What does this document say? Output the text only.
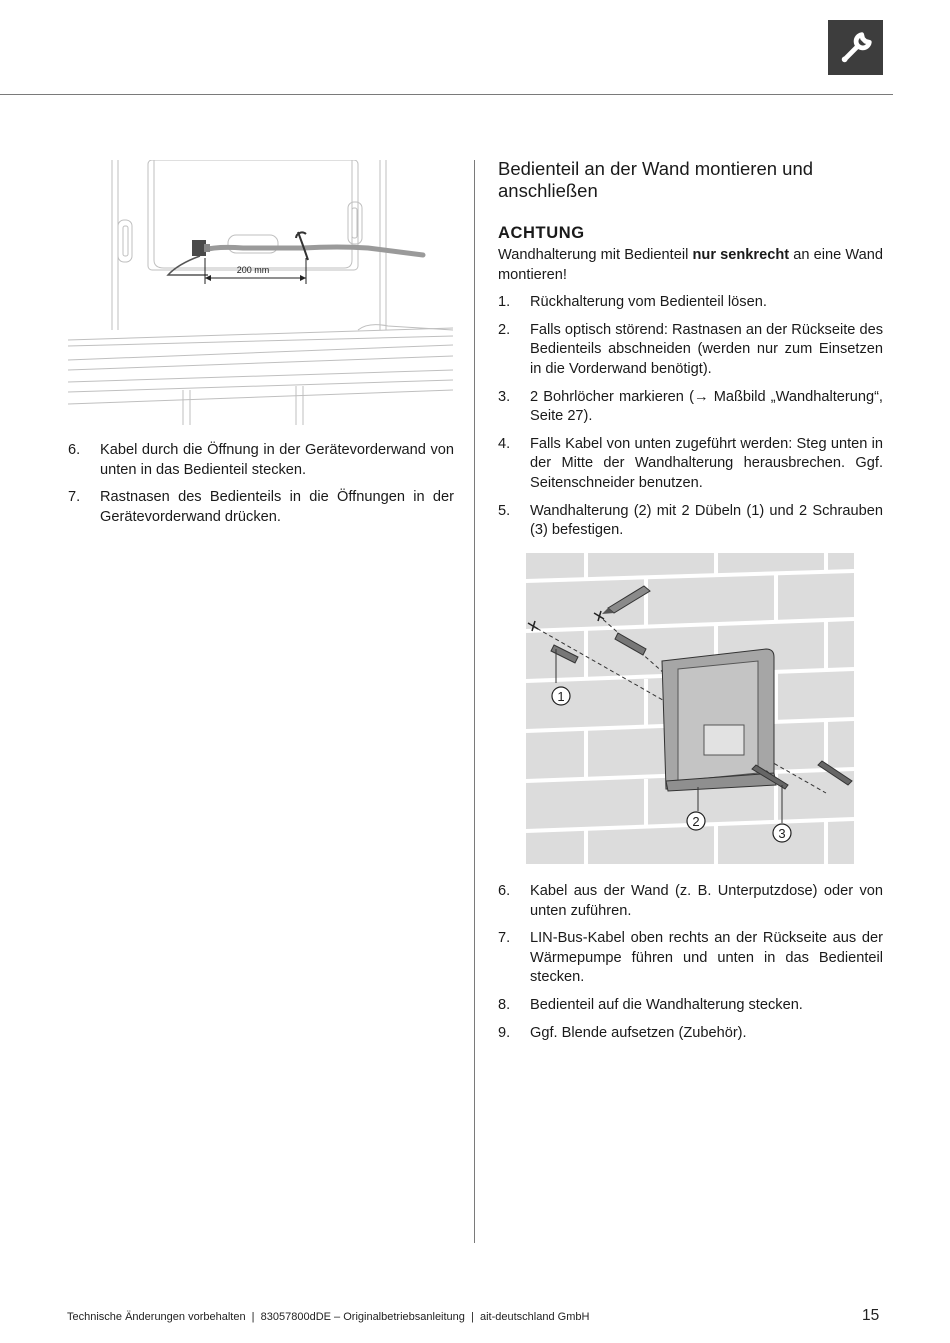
200 mm
6. Kabel durch die Öffnung in der Gerätevorderwand von unten in das Bedienteil stecken.
7. Rastnasen des Bedienteils in die Öffnungen in der Gerätevorderwand drücken.
Bedienteil an der Wand montieren und anschließen
ACHTUNG
Wandhalterung mit Bedienteil nur senkrecht an eine Wand montieren!
1. Rückhalterung vom Bedienteil lösen.
2. Falls optisch störend: Rastnasen an der Rückseite des Bedienteils abschneiden (werden nur zum Einsetzen in die Vorderwand benötigt).
3. 2 Bohrlöcher markieren (→ Maßbild „Wandhalterung“, Seite 27).
4. Falls Kabel von unten zugeführt werden: Steg unten in der Mitte der Wandhalterung herausbrechen. Ggf. Seitenschneider benutzen.
5. Wandhalterung (2) mit 2 Dübeln (1) und 2 Schrauben (3) befestigen.
1
2
3
6. Kabel aus der Wand (z. B. Unterputzdose) oder von unten zuführen.
7. LIN-Bus-Kabel oben rechts an der Rückseite aus der Wärmepumpe führen und unten in das Bedienteil stecken.
8. Bedienteil auf die Wandhalterung stecken.
9. Ggf. Blende aufsetzen (Zubehör).
Technische Änderungen vorbehalten  |  83057800dDE – Originalbetriebsanleitung  |  ait-deutschland GmbH	15
